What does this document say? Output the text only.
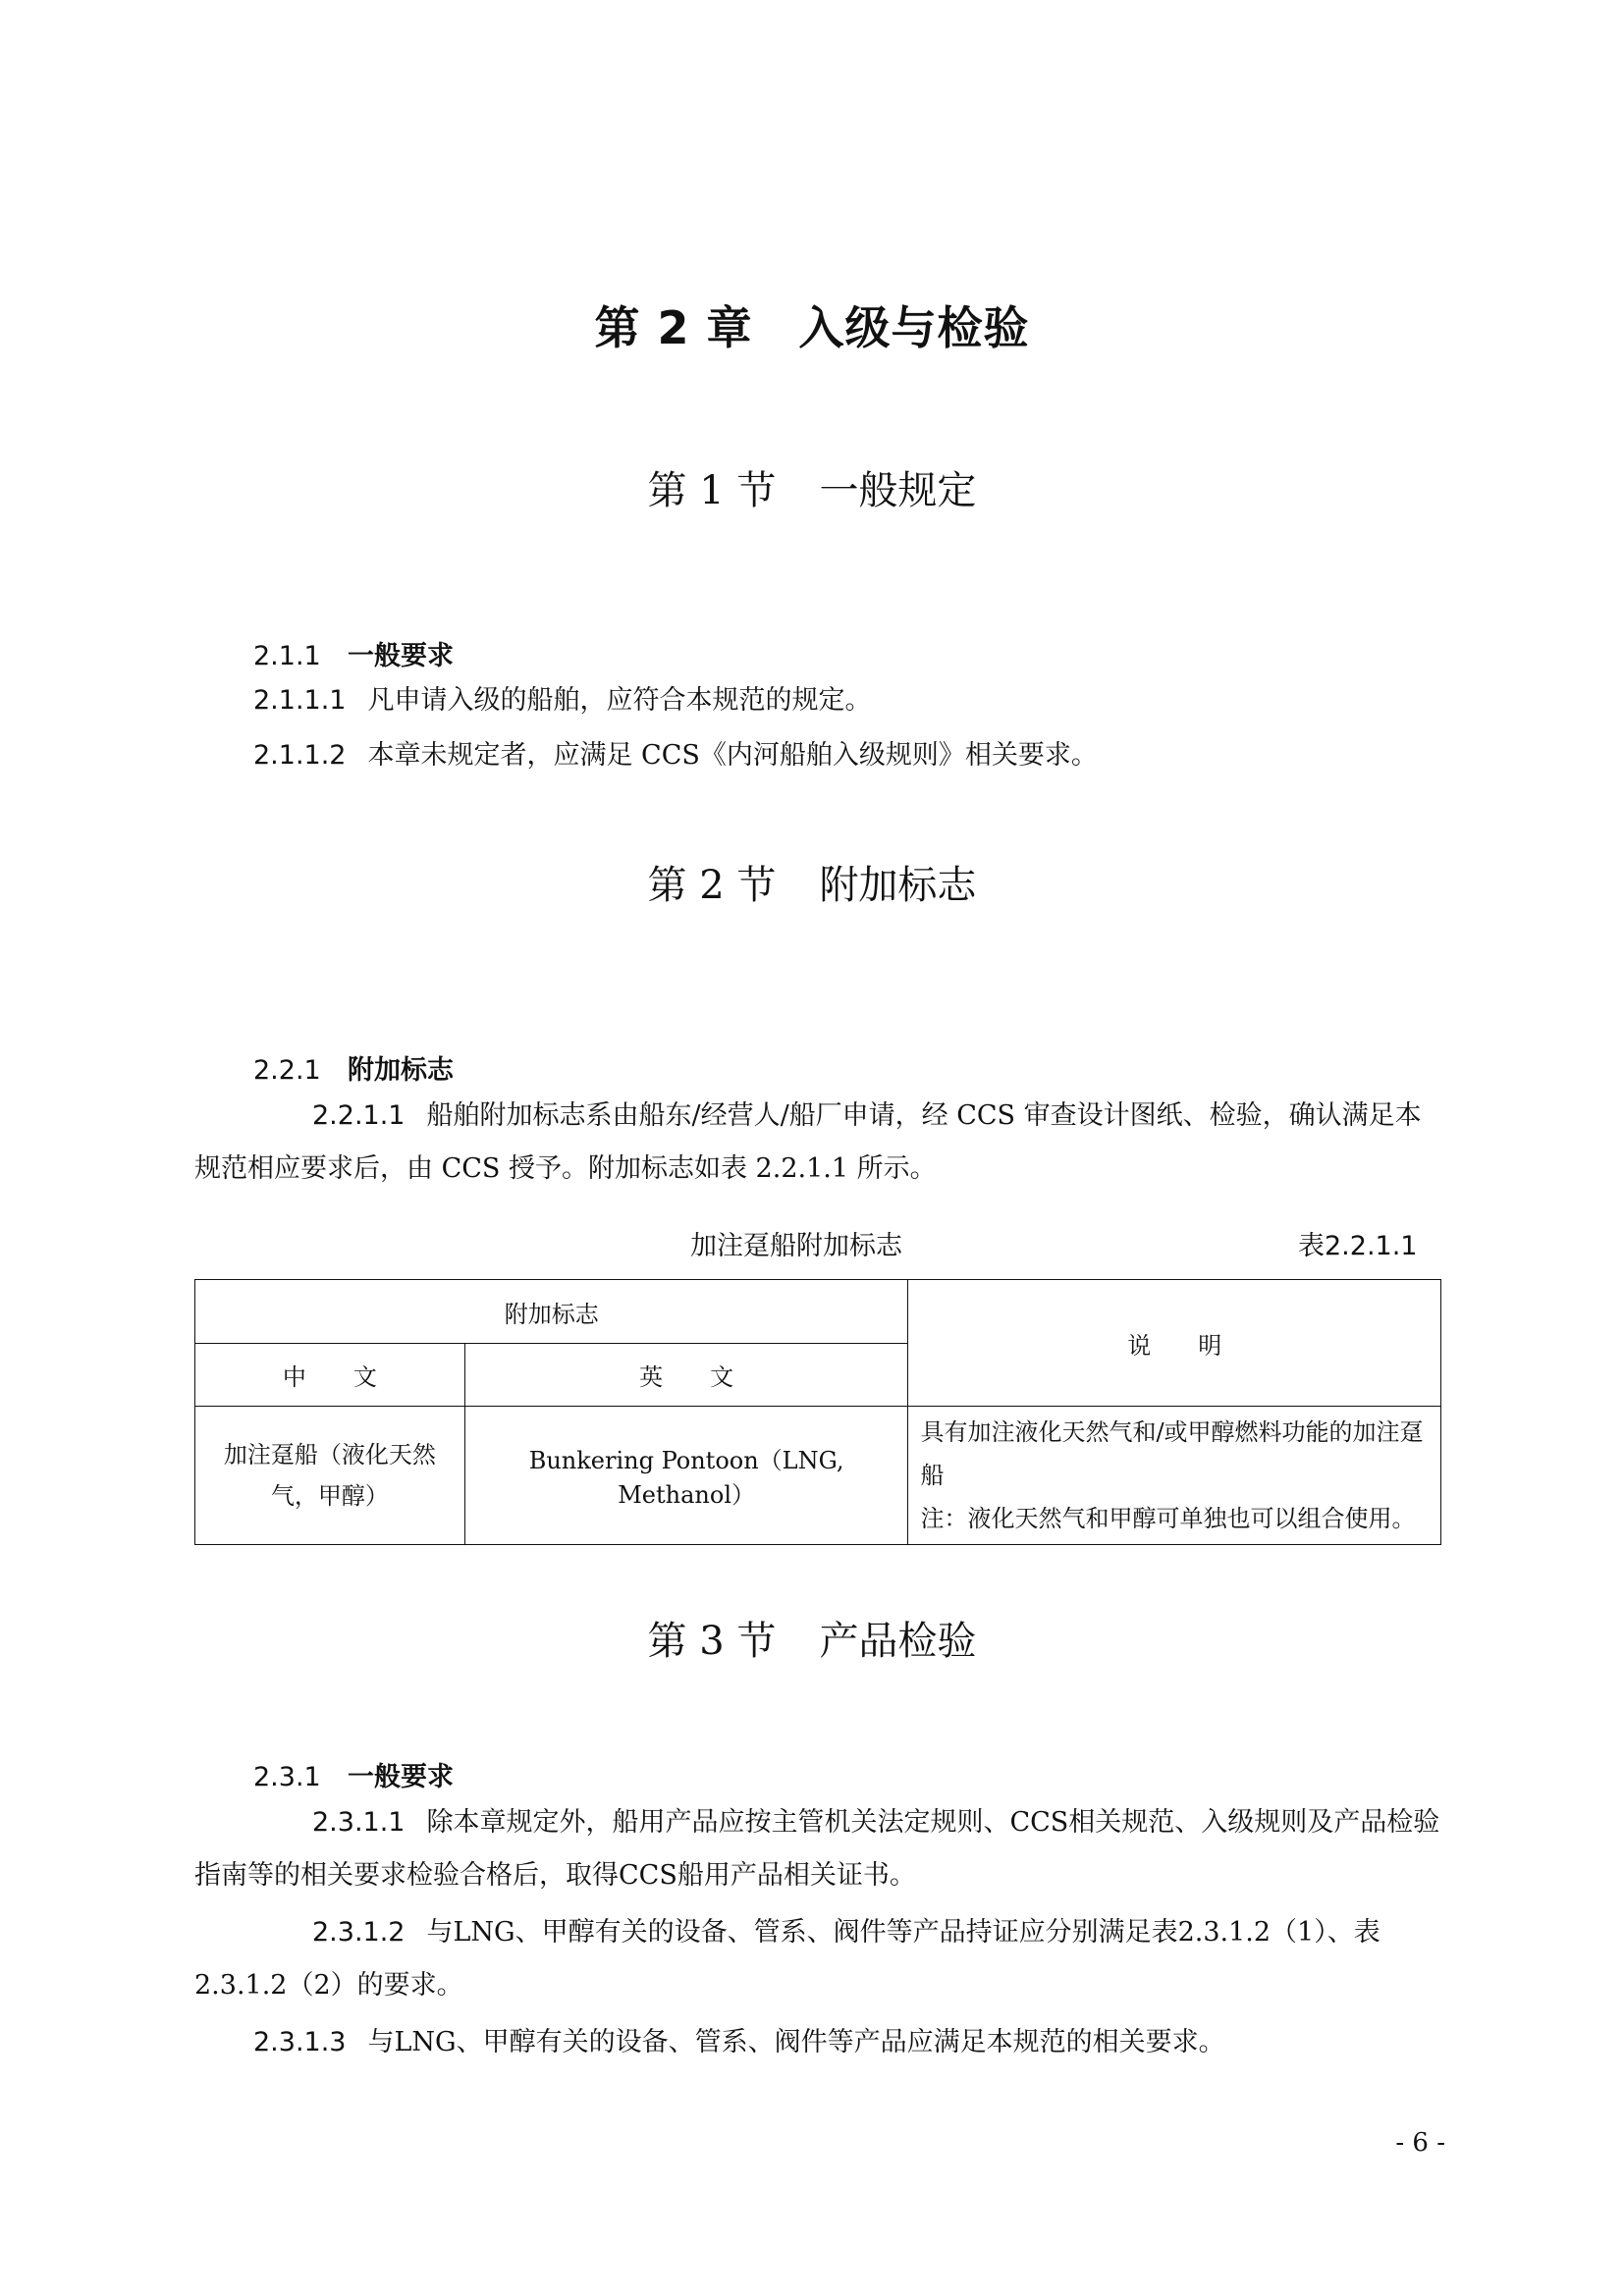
第 2 章　入级与检验
第 1 节 一般规定
2.1.1 一般要求
2.1.1.1 凡申请入级的船舶，应符合本规范的规定。
2.1.1.2 本章未规定者，应满足 CCS《内河船舶入级规则》相关要求。
第 2 节 附加标志
2.2.1 附加标志
2.2.1.1 船舶附加标志系由船东/经营人/船厂申请，经 CCS 审查设计图纸、检验，确认满足本规范相应要求后，由 CCS 授予。附加标志如表 2.2.1.1 所示。
加注趸船附加标志	表2.2.1.1
附加标志		说　　明
中　　文	英　　文	
加注趸船（液化天然气，甲醇）	Bunkering Pontoon（LNG, Methanol）	具有加注液化天然气和/或甲醇燃料功能的加注趸船
注：液化天然气和甲醇可单独也可以组合使用。
第 3 节 产品检验
2.3.1 一般要求
2.3.1.1 除本章规定外，船用产品应按主管机关法定规则、CCS相关规范、入级规则及产品检验指南等的相关要求检验合格后，取得CCS船用产品相关证书。
2.3.1.2 与LNG、甲醇有关的设备、管系、阀件等产品持证应分别满足表2.3.1.2（1）、表2.3.1.2（2）的要求。
2.3.1.3 与LNG、甲醇有关的设备、管系、阀件等产品应满足本规范的相关要求。
- 6 -
